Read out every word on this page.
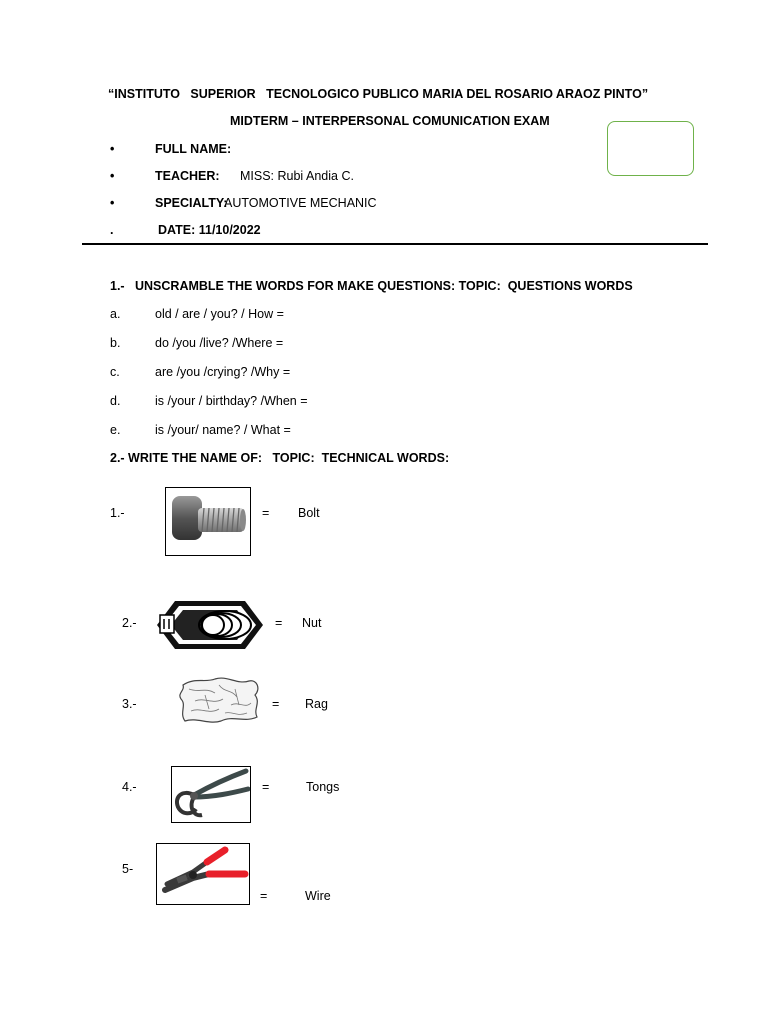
“INSTITUTO   SUPERIOR   TECNOLOGICO PUBLICO MARIA DEL ROSARIO ARAOZ PINTO”
MIDTERM – INTERPERSONAL COMUNICATION EXAM
•	FULL NAME:
•	TEACHER: MISS: Rubi Andia C.
•	SPECIALTY:
AUTOMOTIVE MECHANIC
.	DATE: 11/10/2022
1.-   UNSCRAMBLE THE WORDS FOR MAKE QUESTIONS: TOPIC:  QUESTIONS WORDS
a.	old / are / you? / How =
b.	do /you /live? /Where =
c.	are /you /crying? /Why =
d.	is /your / birthday? /When =
e.	is /your/ name? / What =
2.- WRITE THE NAME OF:   TOPIC:  TECHNICAL WORDS:
1.-	= Bolt
2.-	= Nut
3.-	= Rag
4.-	=	Tongs
5-
=	Wire
